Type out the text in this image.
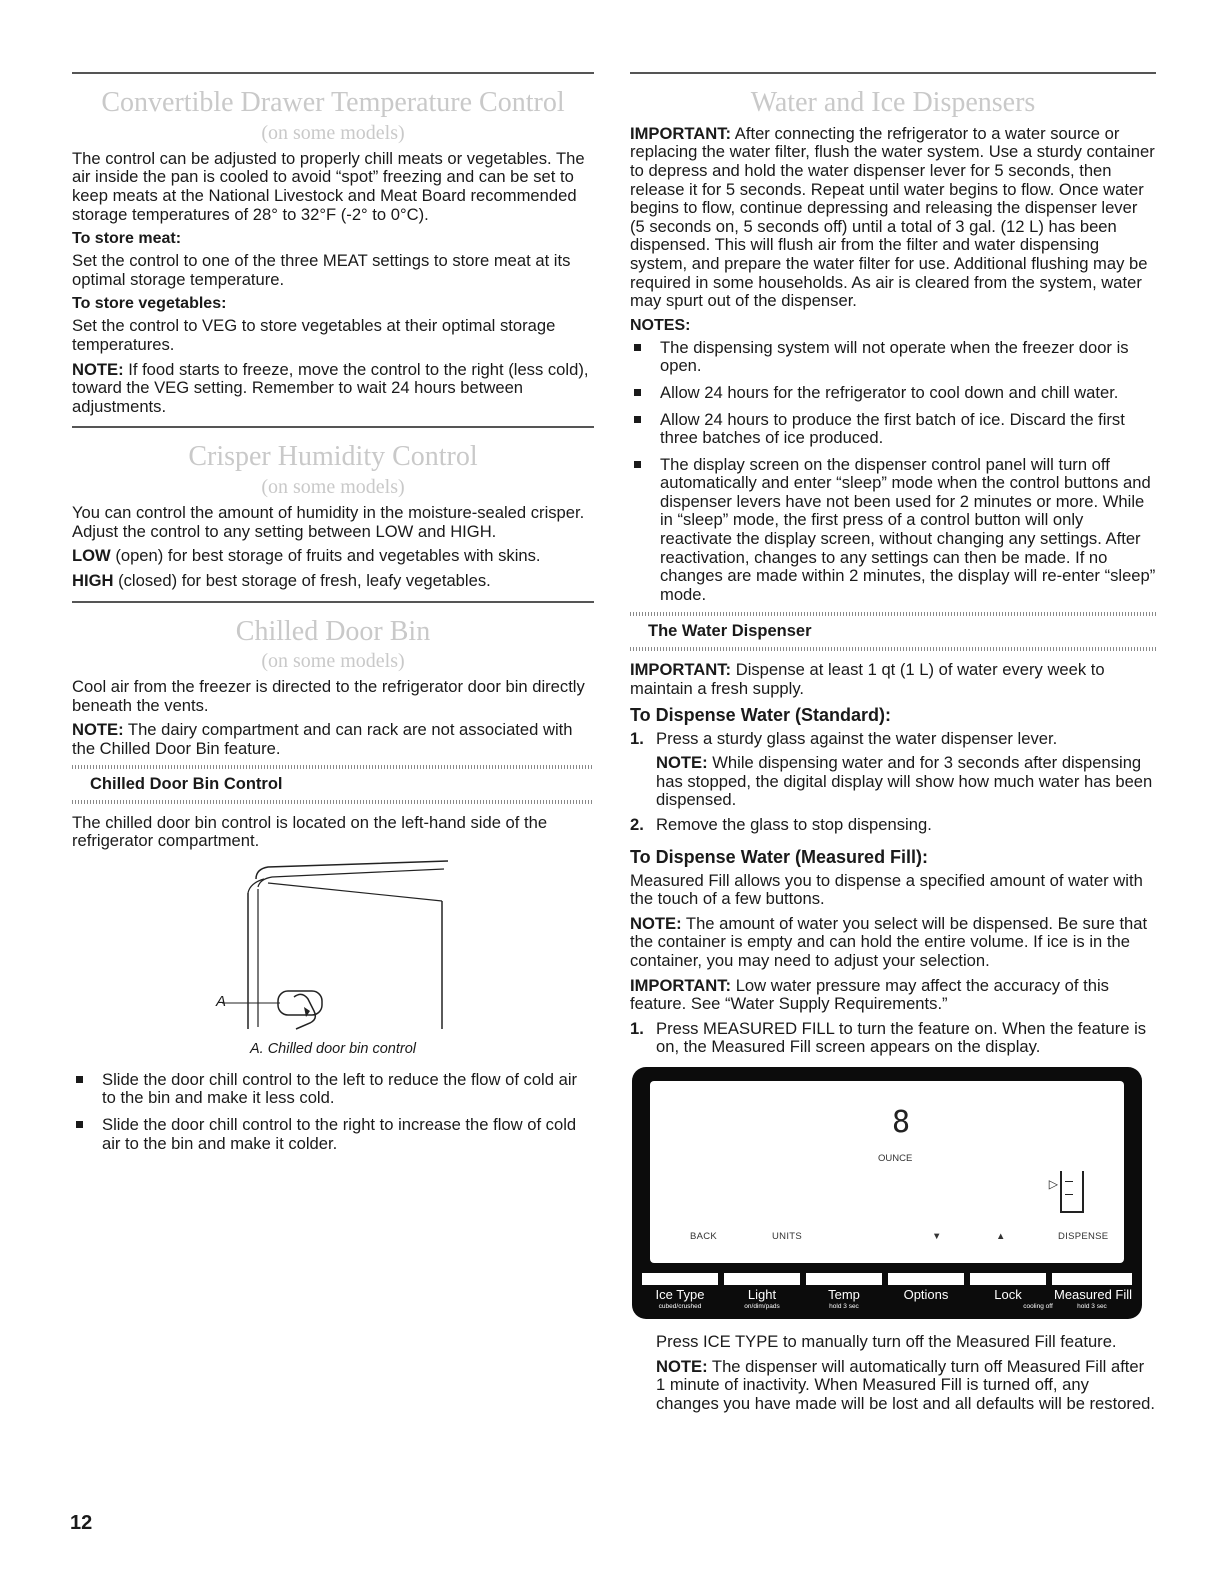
Convertible Drawer Temperature Control
(on some models)

The control can be adjusted to properly chill meats or vegetables. The air inside the pan is cooled to avoid “spot” freezing and can be set to keep meats at the National Livestock and Meat Board recommended storage temperatures of 28° to 32°F (-2° to 0°C).

To store meat:

Set the control to one of the three MEAT settings to store meat at its optimal storage temperature.

To store vegetables:

Set the control to VEG to store vegetables at their optimal storage temperatures.

NOTE: If food starts to freeze, move the control to the right (less cold), toward the VEG setting. Remember to wait 24 hours between adjustments.

Crisper Humidity Control
(on some models)

You can control the amount of humidity in the moisture-sealed crisper. Adjust the control to any setting between LOW and HIGH.

LOW (open) for best storage of fruits and vegetables with skins.

HIGH (closed) for best storage of fresh, leafy vegetables.

Chilled Door Bin
(on some models)

Cool air from the freezer is directed to the refrigerator door bin directly beneath the vents.

NOTE: The dairy compartment and can rack are not associated with the Chilled Door Bin feature.

Chilled Door Bin Control

The chilled door bin control is located on the left-hand side of the refrigerator compartment.

A
A. Chilled door bin control
Slide the door chill control to the left to reduce the flow of cold air to the bin and make it less cold.
Slide the door chill control to the right to increase the flow of cold air to the bin and make it colder.
Water and Ice Dispensers

IMPORTANT: After connecting the refrigerator to a water source or replacing the water filter, flush the water system. Use a sturdy container to depress and hold the water dispenser lever for 5 seconds, then release it for 5 seconds. Repeat until water begins to flow. Once water begins to flow, continue depressing and releasing the dispenser lever (5 seconds on, 5 seconds off) until a total of 3 gal. (12 L) has been dispensed. This will flush air from the filter and water dispensing system, and prepare the water filter for use. Additional flushing may be required in some households. As air is cleared from the system, water may spurt out of the dispenser.

NOTES:
The dispensing system will not operate when the freezer door is open.
Allow 24 hours for the refrigerator to cool down and chill water.
Allow 24 hours to produce the first batch of ice. Discard the first three batches of ice produced.
The display screen on the dispenser control panel will turn off automatically and enter “sleep” mode when the control buttons and dispenser levers have not been used for 2 minutes or more. While in “sleep” mode, the first press of a control button will only reactivate the display screen, without changing any settings. After reactivation, changes to any settings can then be made. If no changes are made within 2 minutes, the display will re-enter “sleep” mode.
The Water Dispenser

IMPORTANT: Dispense at least 1 qt (1 L) of water every week to maintain a fresh supply.

To Dispense Water (Standard):
1. Press a sturdy glass against the water dispenser lever.
NOTE: While dispensing water and for 3 seconds after dispensing has stopped, the digital display will show how much water has been dispensed.
2. Remove the glass to stop dispensing.
To Dispense Water (Measured Fill):

Measured Fill allows you to dispense a specified amount of water with the touch of a few buttons.

NOTE: The amount of water you select will be dispensed. Be sure that the container is empty and can hold the entire volume. If ice is in the container, you may need to adjust your selection.

IMPORTANT: Low water pressure may affect the accuracy of this feature. See “Water Supply Requirements.”

1. Press MEASURED FILL to turn the feature on. When the feature is on, the Measured Fill screen appears on the display.
8
OUNCE
▷
BACK	UNITS	▼	▲	DISPENSE
Ice Type
cubed/crushed
Light
on/dim/pads
Temp
hold 3 sec
Options	Lock
cooling off
Measured Fill
hold 3 sec

Press ICE TYPE to manually turn off the Measured Fill feature.

NOTE: The dispenser will automatically turn off Measured Fill after 1 minute of inactivity. When Measured Fill is turned off, any changes you have made will be lost and all defaults will be restored.

12
